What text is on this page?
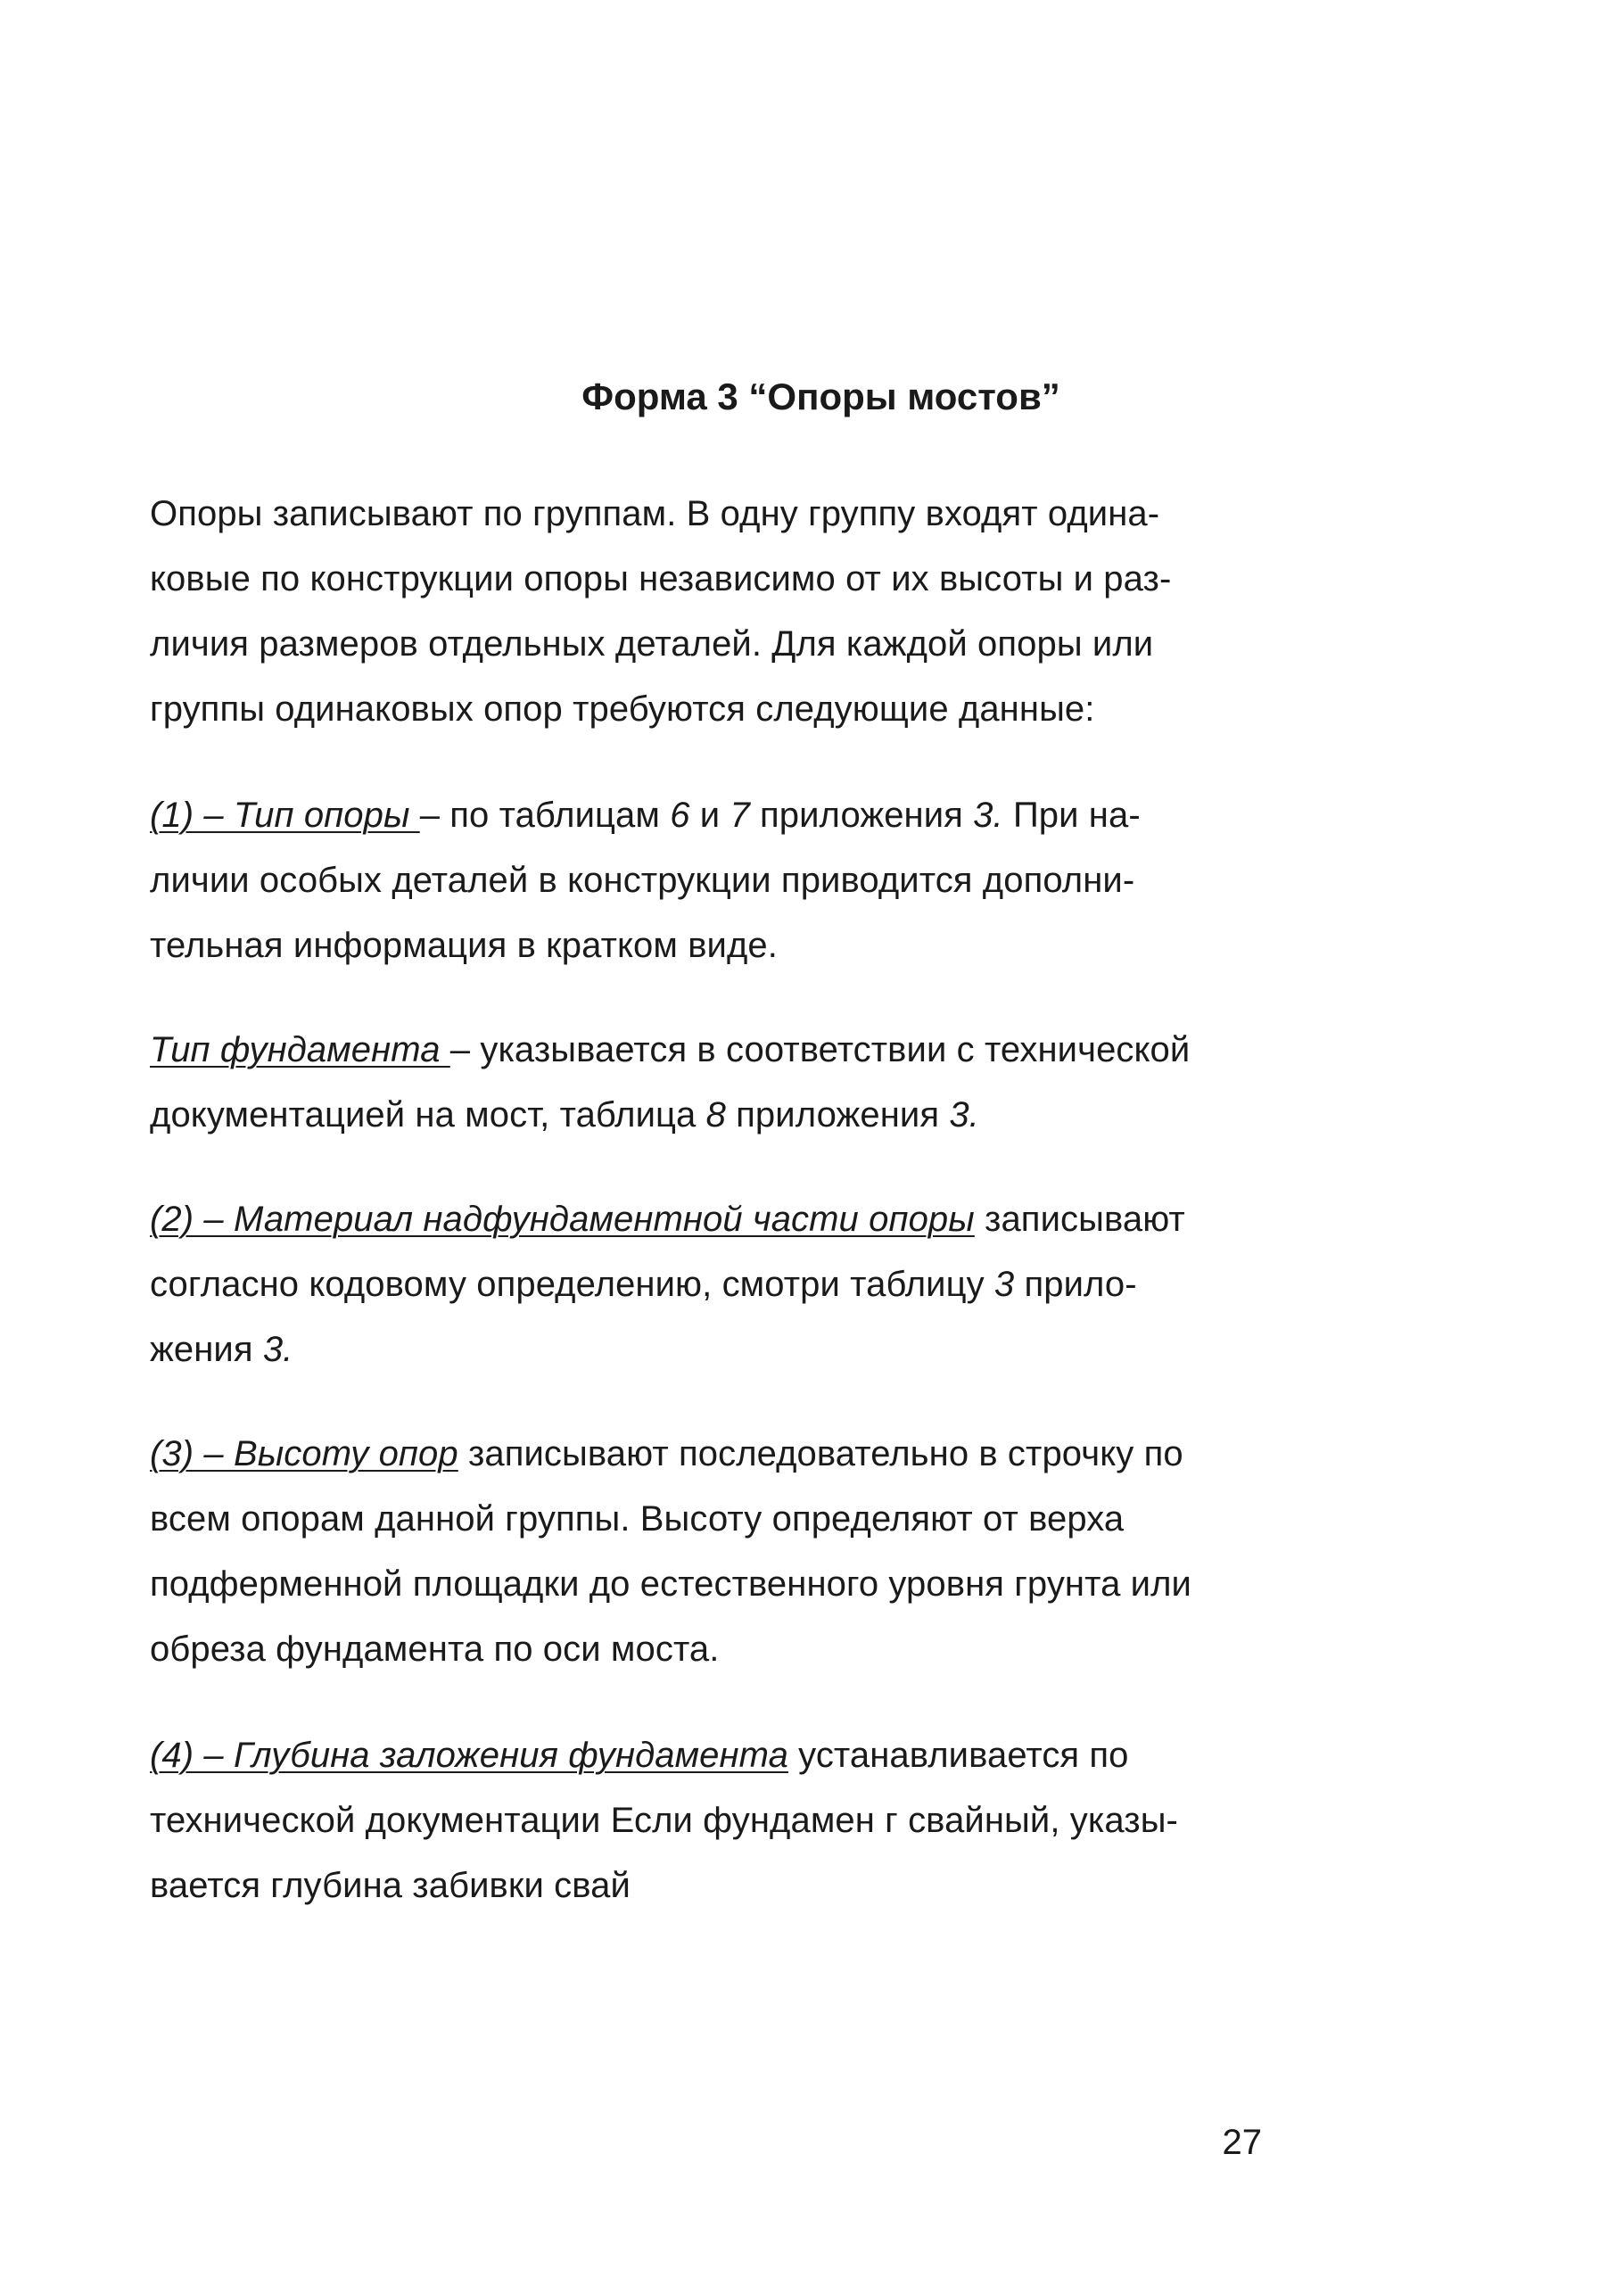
Форма 3 “Опоры мостов”

Опоры записывают по группам. В одну группу входят одина-
ковые по конструкции опоры независимо от их высоты и раз-
личия размеров отдельных деталей. Для каждой опоры или
группы одинаковых опор требуются следующие данные:

(1) – Тип опоры – по таблицам 6 и 7 приложения 3. При на-
личии особых деталей в конструкции приводится дополни-
тельная информация в кратком виде.

Тип фундамента – указывается в соответствии с технической
документацией на мост, таблица 8 приложения 3.

(2) – Материал надфундаментной части опоры записывают
согласно кодовому определению, смотри таблицу 3 прило-
жения 3.

(3) – Высоту опор записывают последовательно в строчку по
всем опорам данной группы. Высоту определяют от верха
подферменной площадки до естественного уровня грунта или
обреза фундамента по оси моста.

(4) – Глубина заложения фундамента устанавливается по
технической документации Если фундамен г свайный, указы-
вается глубина забивки свай

27
